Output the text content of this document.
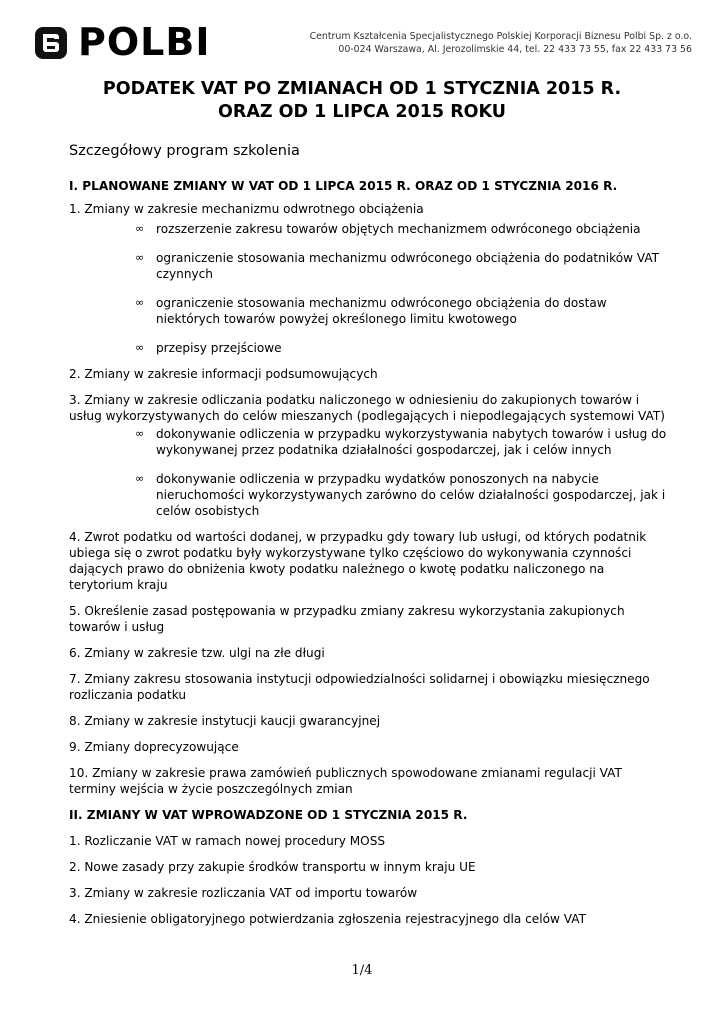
POLBI	Centrum Kształcenia Specjalistycznego Polskiej Korporacji Biznesu Polbi Sp. z o.o.
00-024 Warszawa, Al. Jerozolimskie 44, tel. 22 433 73 55, fax 22 433 73 56
PODATEK VAT PO ZMIANACH OD 1 STYCZNIA 2015 R.
ORAZ OD 1 LIPCA 2015 ROKU
Szczegółowy program szkolenia
I. PLANOWANE ZMIANY W VAT OD 1 LIPCA 2015 R. ORAZ OD 1 STYCZNIA 2016 R.
1. Zmiany w zakresie mechanizmu odwrotnego obciążenia
∞ rozszerzenie zakresu towarów objętych mechanizmem odwróconego obciążenia
∞ ograniczenie stosowania mechanizmu odwróconego obciążenia do podatników VAT czynnych
∞ ograniczenie stosowania mechanizmu odwróconego obciążenia do dostaw niektórych towarów powyżej określonego limitu kwotowego
∞ przepisy przejściowe
2. Zmiany w zakresie informacji podsumowujących
3. Zmiany w zakresie odliczania podatku naliczonego w odniesieniu do zakupionych towarów i usług wykorzystywanych do celów mieszanych (podlegających i niepodlegających systemowi VAT)
∞ dokonywanie odliczenia w przypadku wykorzystywania nabytych towarów i usług do wykonywanej przez podatnika działalności gospodarczej, jak i celów innych
∞ dokonywanie odliczenia w przypadku wydatków ponoszonych na nabycie nieruchomości wykorzystywanych zarówno do celów działalności gospodarczej, jak i celów osobistych
4. Zwrot podatku od wartości dodanej, w przypadku gdy towary lub usługi, od których podatnik ubiega się o zwrot podatku były wykorzystywane tylko częściowo do wykonywania czynności dających prawo do obniżenia kwoty podatku należnego o kwotę podatku naliczonego na terytorium kraju
5. Określenie zasad postępowania w przypadku zmiany zakresu wykorzystania zakupionych towarów i usług
6. Zmiany w zakresie tzw. ulgi na złe długi
7. Zmiany zakresu stosowania instytucji odpowiedzialności solidarnej i obowiązku miesięcznego rozliczania podatku
8. Zmiany w zakresie instytucji kaucji gwarancyjnej
9. Zmiany doprecyzowujące
10. Zmiany w zakresie prawa zamówień publicznych spowodowane zmianami regulacji VAT terminy wejścia w życie poszczególnych zmian
II. ZMIANY W VAT WPROWADZONE OD 1 STYCZNIA 2015 R.
1. Rozliczanie VAT w ramach nowej procedury MOSS
2. Nowe zasady przy zakupie środków transportu w innym kraju UE
3. Zmiany w zakresie rozliczania VAT od importu towarów
4. Zniesienie obligatoryjnego potwierdzania zgłoszenia rejestracyjnego dla celów VAT
1/4
